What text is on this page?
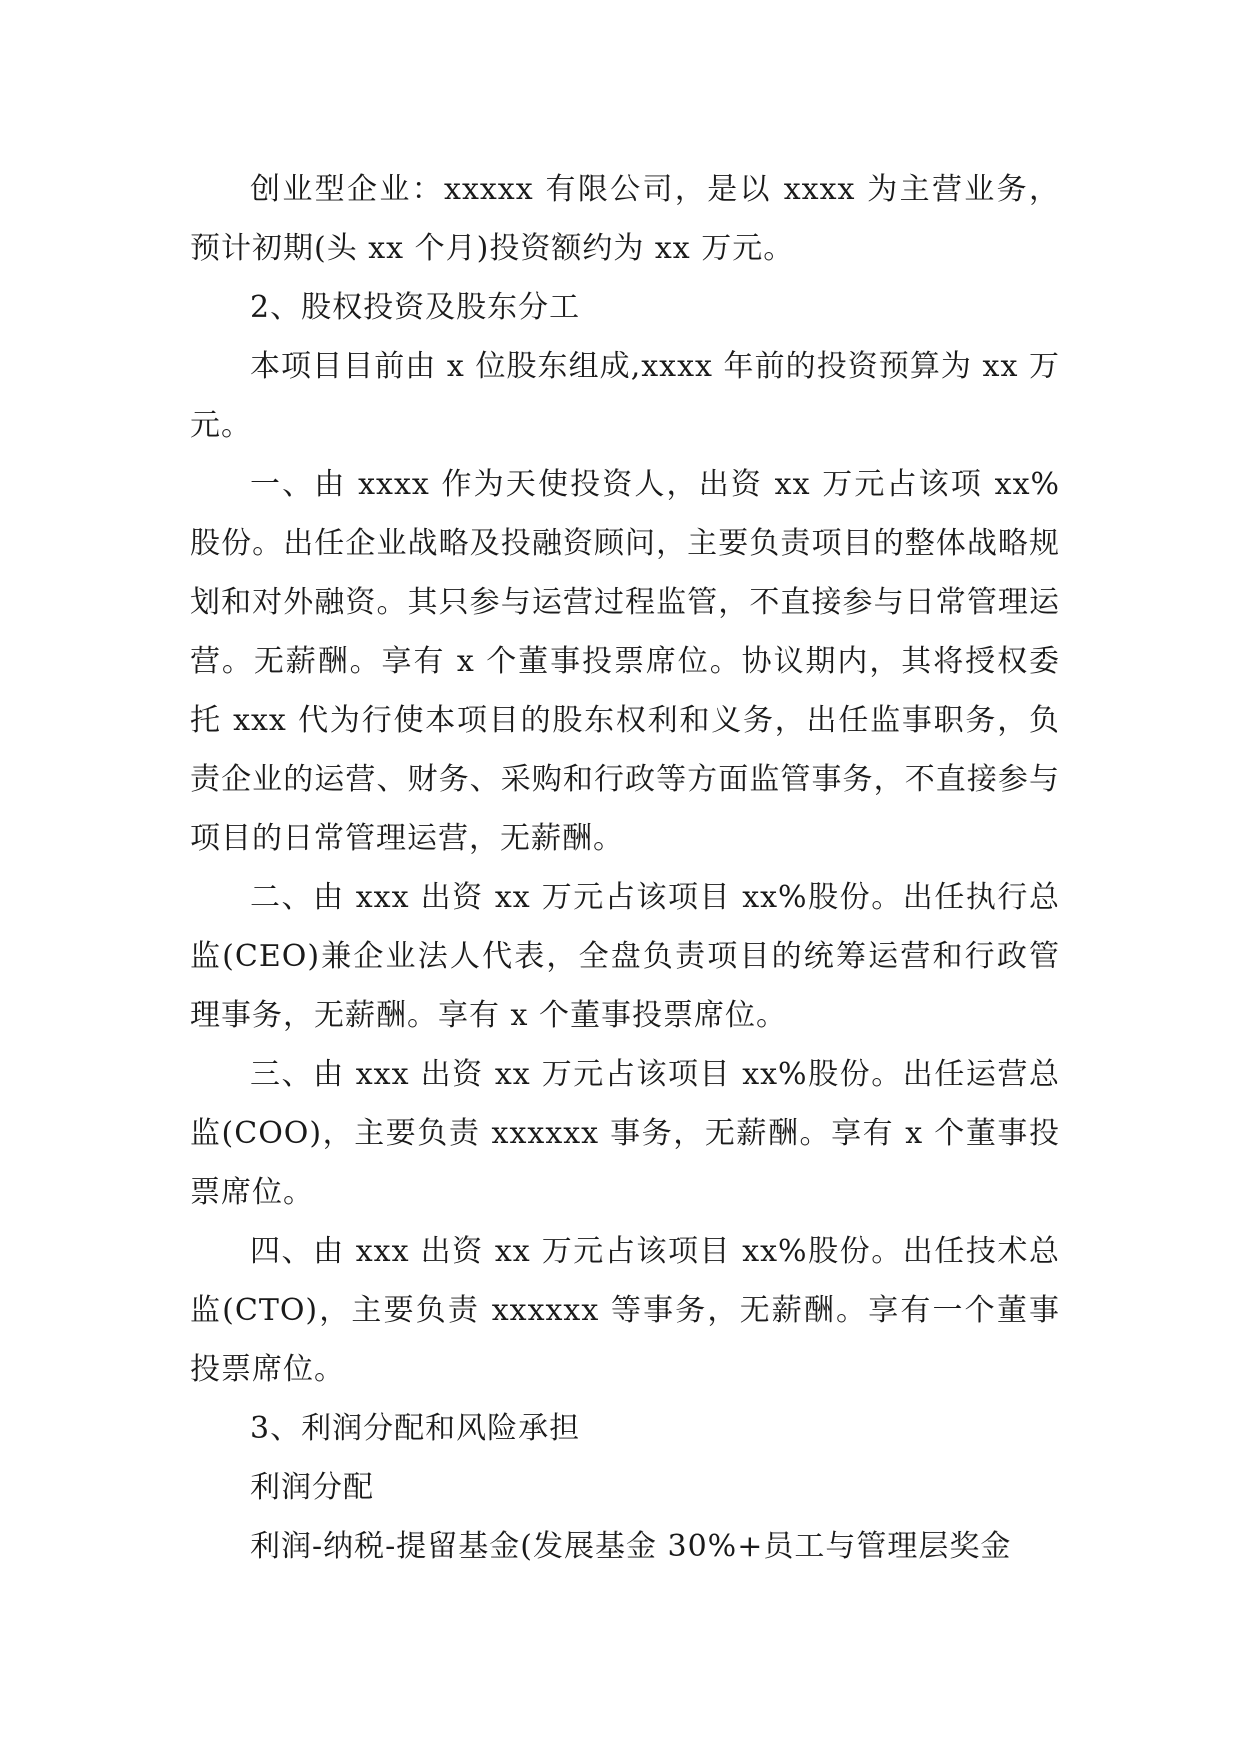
创业型企业：xxxxx 有限公司，是以 xxxx 为主营业务，预计初期(头 xx 个月)投资额约为 xx 万元。

2、股权投资及股东分工

本项目目前由 x 位股东组成,xxxx 年前的投资预算为 xx 万元。

一、由 xxxx 作为天使投资人，出资 xx 万元占该项 xx%股份。出任企业战略及投融资顾问，主要负责项目的整体战略规划和对外融资。其只参与运营过程监管，不直接参与日常管理运营。无薪酬。享有 x 个董事投票席位。协议期内，其将授权委托 xxx 代为行使本项目的股东权利和义务，出任监事职务，负责企业的运营、财务、采购和行政等方面监管事务，不直接参与项目的日常管理运营，无薪酬。

二、由 xxx 出资 xx 万元占该项目 xx%股份。出任执行总监(CEO)兼企业法人代表，全盘负责项目的统筹运营和行政管理事务，无薪酬。享有 x 个董事投票席位。

三、由 xxx 出资 xx 万元占该项目 xx%股份。出任运营总监(COO)，主要负责 xxxxxx 事务，无薪酬。享有 x 个董事投票席位。

四、由 xxx 出资 xx 万元占该项目 xx%股份。出任技术总监(CTO)，主要负责 xxxxxx 等事务，无薪酬。享有一个董事投票席位。

3、利润分配和风险承担

利润分配

利润-纳税-提留基金(发展基金 30%+员工与管理层奖金
